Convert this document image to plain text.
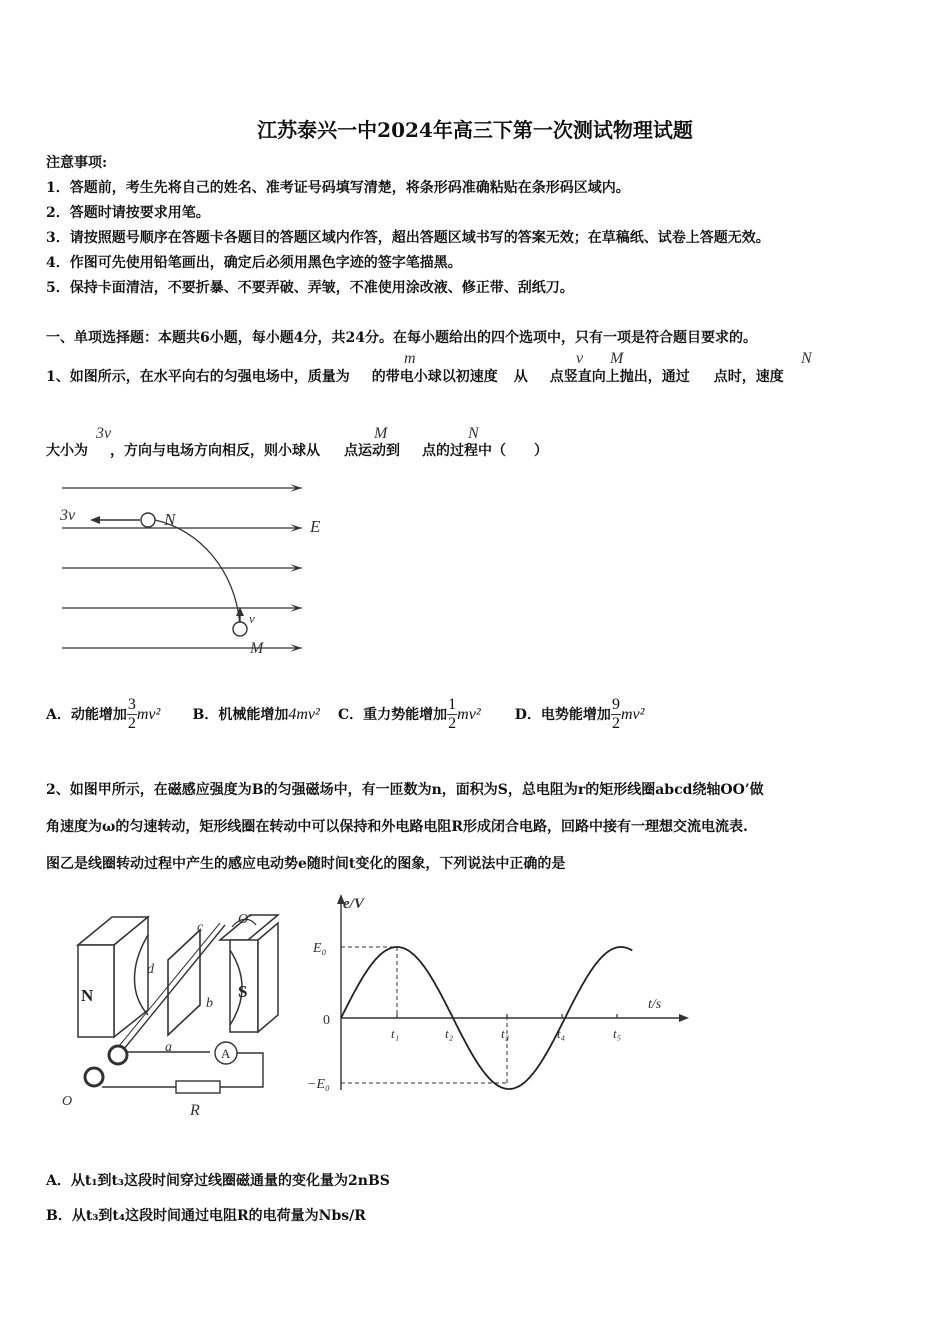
江苏泰兴一中2024年高三下第一次测试物理试题
注意事项:
1．答题前，考生先将自己的姓名、准考证号码填写清楚，将条形码准确粘贴在条形码区域内。
2．答题时请按要求用笔。
3．请按照题号顺序在答题卡各题目的答题区域内作答，超出答题区域书写的答案无效；在草稿纸、试卷上答题无效。
4．作图可先使用铅笔画出，确定后必须用黑色字迹的签字笔描黑。
5．保持卡面清洁，不要折暴、不要弄破、弄皱，不准使用涂改液、修正带、刮纸刀。
一、单项选择题：本题共6小题，每小题4分，共24分。在每小题给出的四个选项中，只有一项是符合题目要求的。
1、如图所示，在水平向右的匀强电场中，质量为 的带电小球以初速度 从 点竖直向上抛出，通过 点时，速度
m	v M	N
大小为 ，方向与电场方向相反，则小球从 点运动到 点的过程中（　　）
3v	M	N
3v	N	E
v
M
A．动能增加 $\frac{3}{2} mv^2$ B．机械能增加4mv² C．重力势能增加 $\frac{1}{2} mv^2$ D．电势能增加 $\frac{9}{2} mv^2$
2、如图甲所示，在磁感应强度为B的匀强磁场中，有一匝数为n，面积为S，总电阻为r的矩形线圈abcd绕轴OO’做
角速度为ω的匀速转动，矩形线圈在转动中可以保持和外电路电阻R形成闭合电路，回路中接有一理想交流电流表.
图乙是线圈转动过程中产生的感应电动势e随时间t变化的图象，下列说法中正确的是
N	S
a
b
c
d
O'
O
A
R
e/V
t/s
E₀
−E₀
0
t₁	t₂	t₃	t₄	t₅
A．从t₁到t₃这段时间穿过线圈磁通量的变化量为2nBS
B．从t₃到t₄这段时间通过电阻R的电荷量为Nbs/R
